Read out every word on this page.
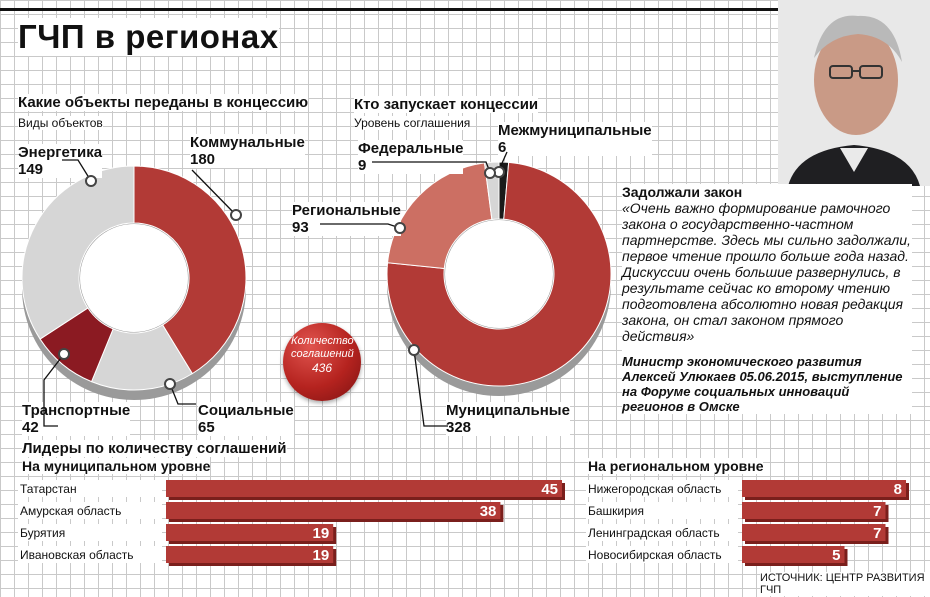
ГЧП в регионах
Какие объекты переданы в концессию
Виды объектов
Кто запускает концессии
Уровень соглашения
Энергетика
149
Коммунальные
180
Транспортные
42
Социальные
65
Межмуниципальные
6
Федеральные
9
Региональные
93
Муниципальные
328
Количество соглашений
436
Задолжали закон
«Очень важно формирование рамочного закона о государственно-частном партнерстве. Здесь мы сильно задолжали, первое чтение прошло больше года назад. Дискуссии очень большие развернулись, в результате сейчас ко второму чтению подготовлена абсолютно новая редакция закона, он стал законом прямого действия»
Министр экономического развития Алексей Улюкаев 05.06.2015, выступление на Форуме социальных инноваций регионов в Омске
Лидеры по количеству соглашений
На муниципальном уровне	На региональном уровне
Татарстан	45
Амурская область	38
Бурятия	19
Ивановская область	19
Нижегородская область	8
Башкирия	7
Ленинградская область	7
Новосибирская область	5
ИСТОЧНИК: ЦЕНТР РАЗВИТИЯ ГЧП
